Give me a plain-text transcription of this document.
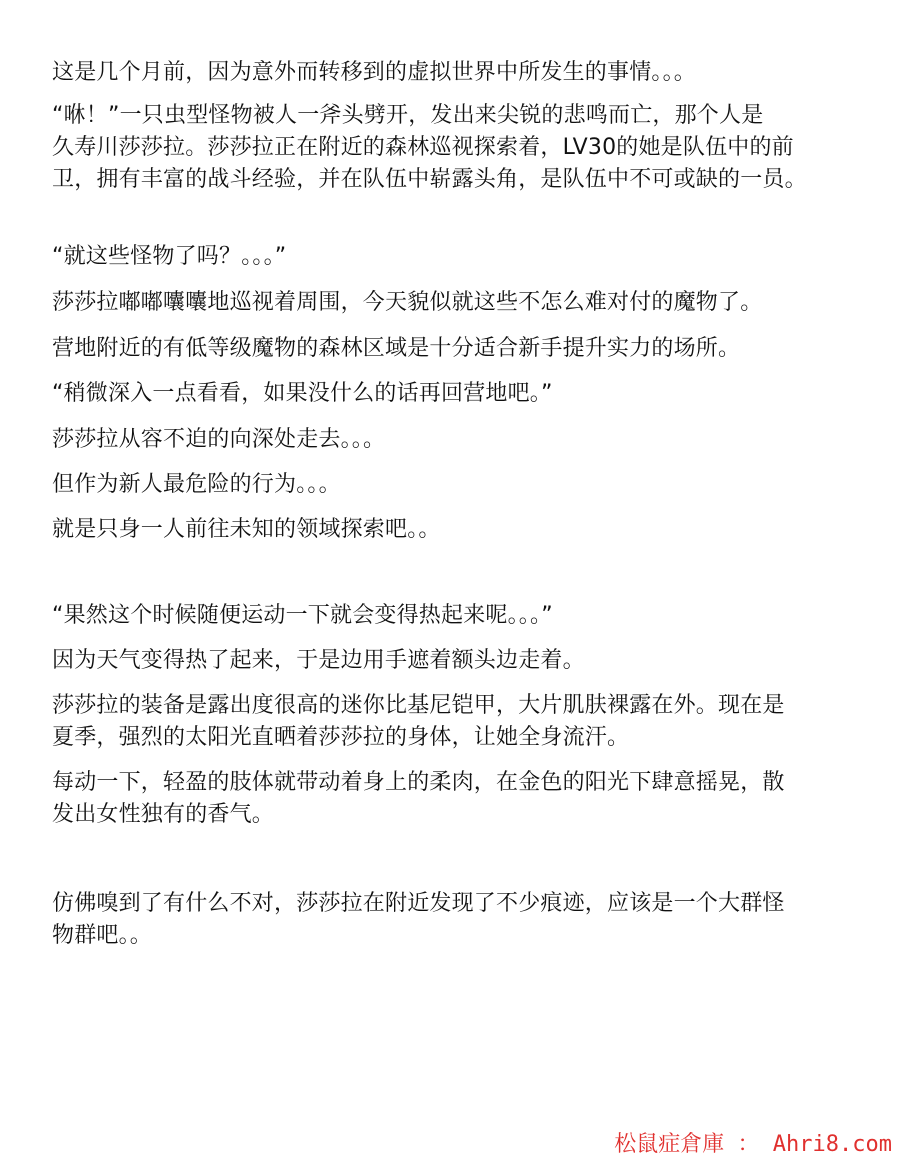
这是几个月前，因为意外而转移到的虚拟世界中所发生的事情。。。

“咻！”一只虫型怪物被人一斧头劈开，发出来尖锐的悲鸣而亡，那个人是
久寿川莎莎拉。莎莎拉正在附近的森林巡视探索着，LV30的她是队伍中的前
卫，拥有丰富的战斗经验，并在队伍中崭露头角，是队伍中不可或缺的一员。

“就这些怪物了吗？。。。”

莎莎拉嘟嘟囔囔地巡视着周围，今天貌似就这些不怎么难对付的魔物了。

营地附近的有低等级魔物的森林区域是十分适合新手提升实力的场所。

“稍微深入一点看看，如果没什么的话再回营地吧。”

莎莎拉从容不迫的向深处走去。。。

但作为新人最危险的行为。。。

就是只身一人前往未知的领域探索吧。。

“果然这个时候随便运动一下就会变得热起来呢。。。”

因为天气变得热了起来，于是边用手遮着额头边走着。

莎莎拉的装备是露出度很高的迷你比基尼铠甲，大片肌肤裸露在外。现在是
夏季，强烈的太阳光直晒着莎莎拉的身体，让她全身流汗。

每动一下，轻盈的肢体就带动着身上的柔肉，在金色的阳光下肆意摇晃，散
发出女性独有的香气。

仿佛嗅到了有什么不对，莎莎拉在附近发现了不少痕迹，应该是一个大群怪
物群吧。。

松鼠症倉庫 ： Ahri8.com
